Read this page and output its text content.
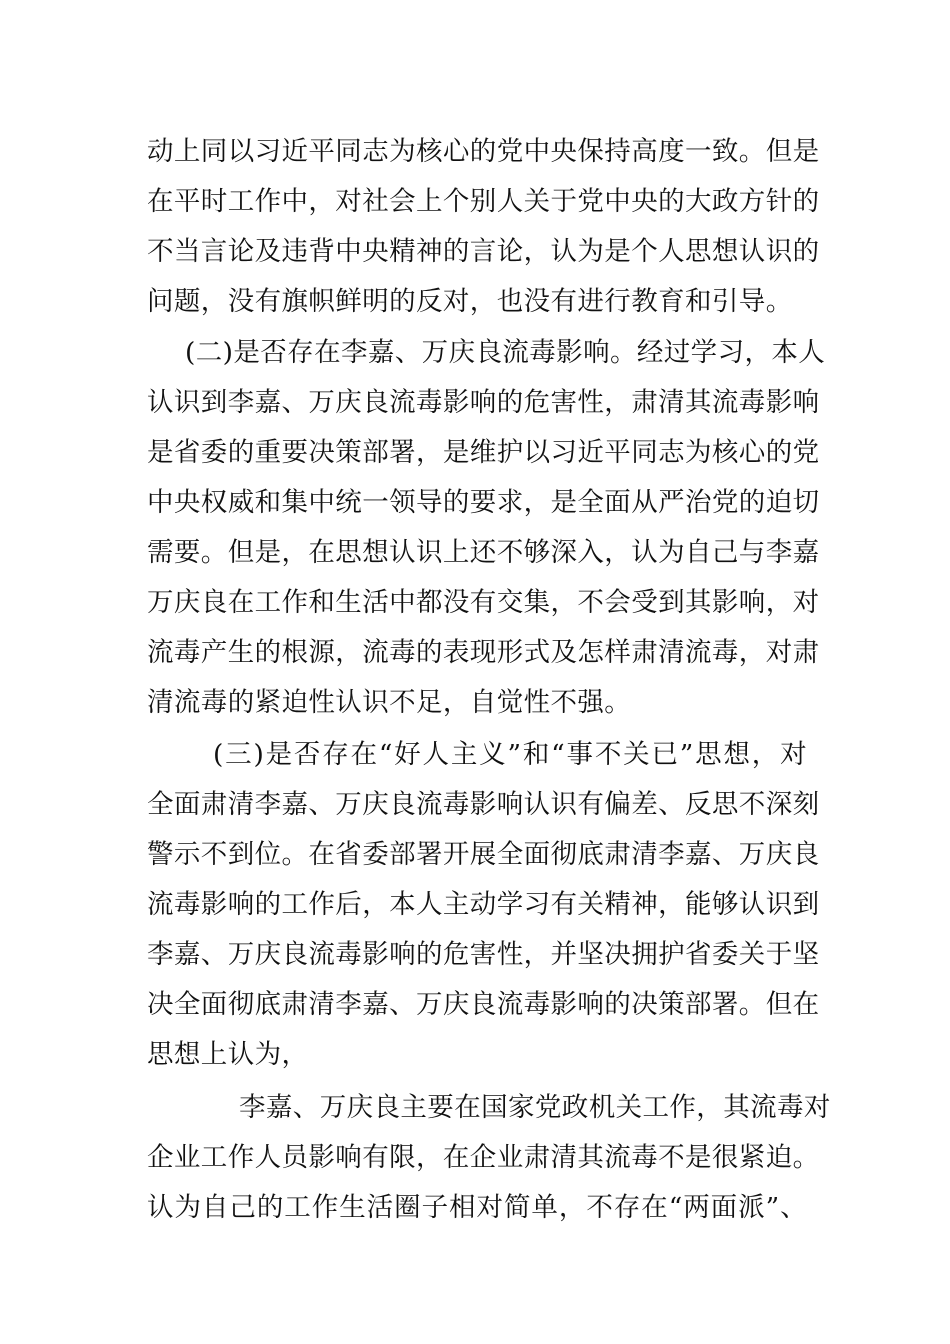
动上同以习近平同志为核心的党中央保持高度一致。但是
在平时工作中，对社会上个别人关于党中央的大政方针的
不当言论及违背中央精神的言论，认为是个人思想认识的
问题，没有旗帜鲜明的反对，也没有进行教育和引导。
(二)是否存在李嘉、万庆良流毒影响。经过学习，本人
认识到李嘉、万庆良流毒影响的危害性，肃清其流毒影响
是省委的重要决策部署，是维护以习近平同志为核心的党
中央权威和集中统一领导的要求，是全面从严治党的迫切
需要。但是，在思想认识上还不够深入，认为自己与李嘉
万庆良在工作和生活中都没有交集，不会受到其影响，对
流毒产生的根源，流毒的表现形式及怎样肃清流毒，对肃
清流毒的紧迫性认识不足，自觉性不强。
(三)是否存在“好人主义”和“事不关已”思想，对
全面肃清李嘉、万庆良流毒影响认识有偏差、反思不深刻
警示不到位。在省委部署开展全面彻底肃清李嘉、万庆良
流毒影响的工作后，本人主动学习有关精神，能够认识到
李嘉、万庆良流毒影响的危害性，并坚决拥护省委关于坚
决全面彻底肃清李嘉、万庆良流毒影响的决策部署。但在
思想上认为，
李嘉、万庆良主要在国家党政机关工作，其流毒对
企业工作人员影响有限，在企业肃清其流毒不是很紧迫。
认为自己的工作生活圈子相对简单，不存在“两面派”、
